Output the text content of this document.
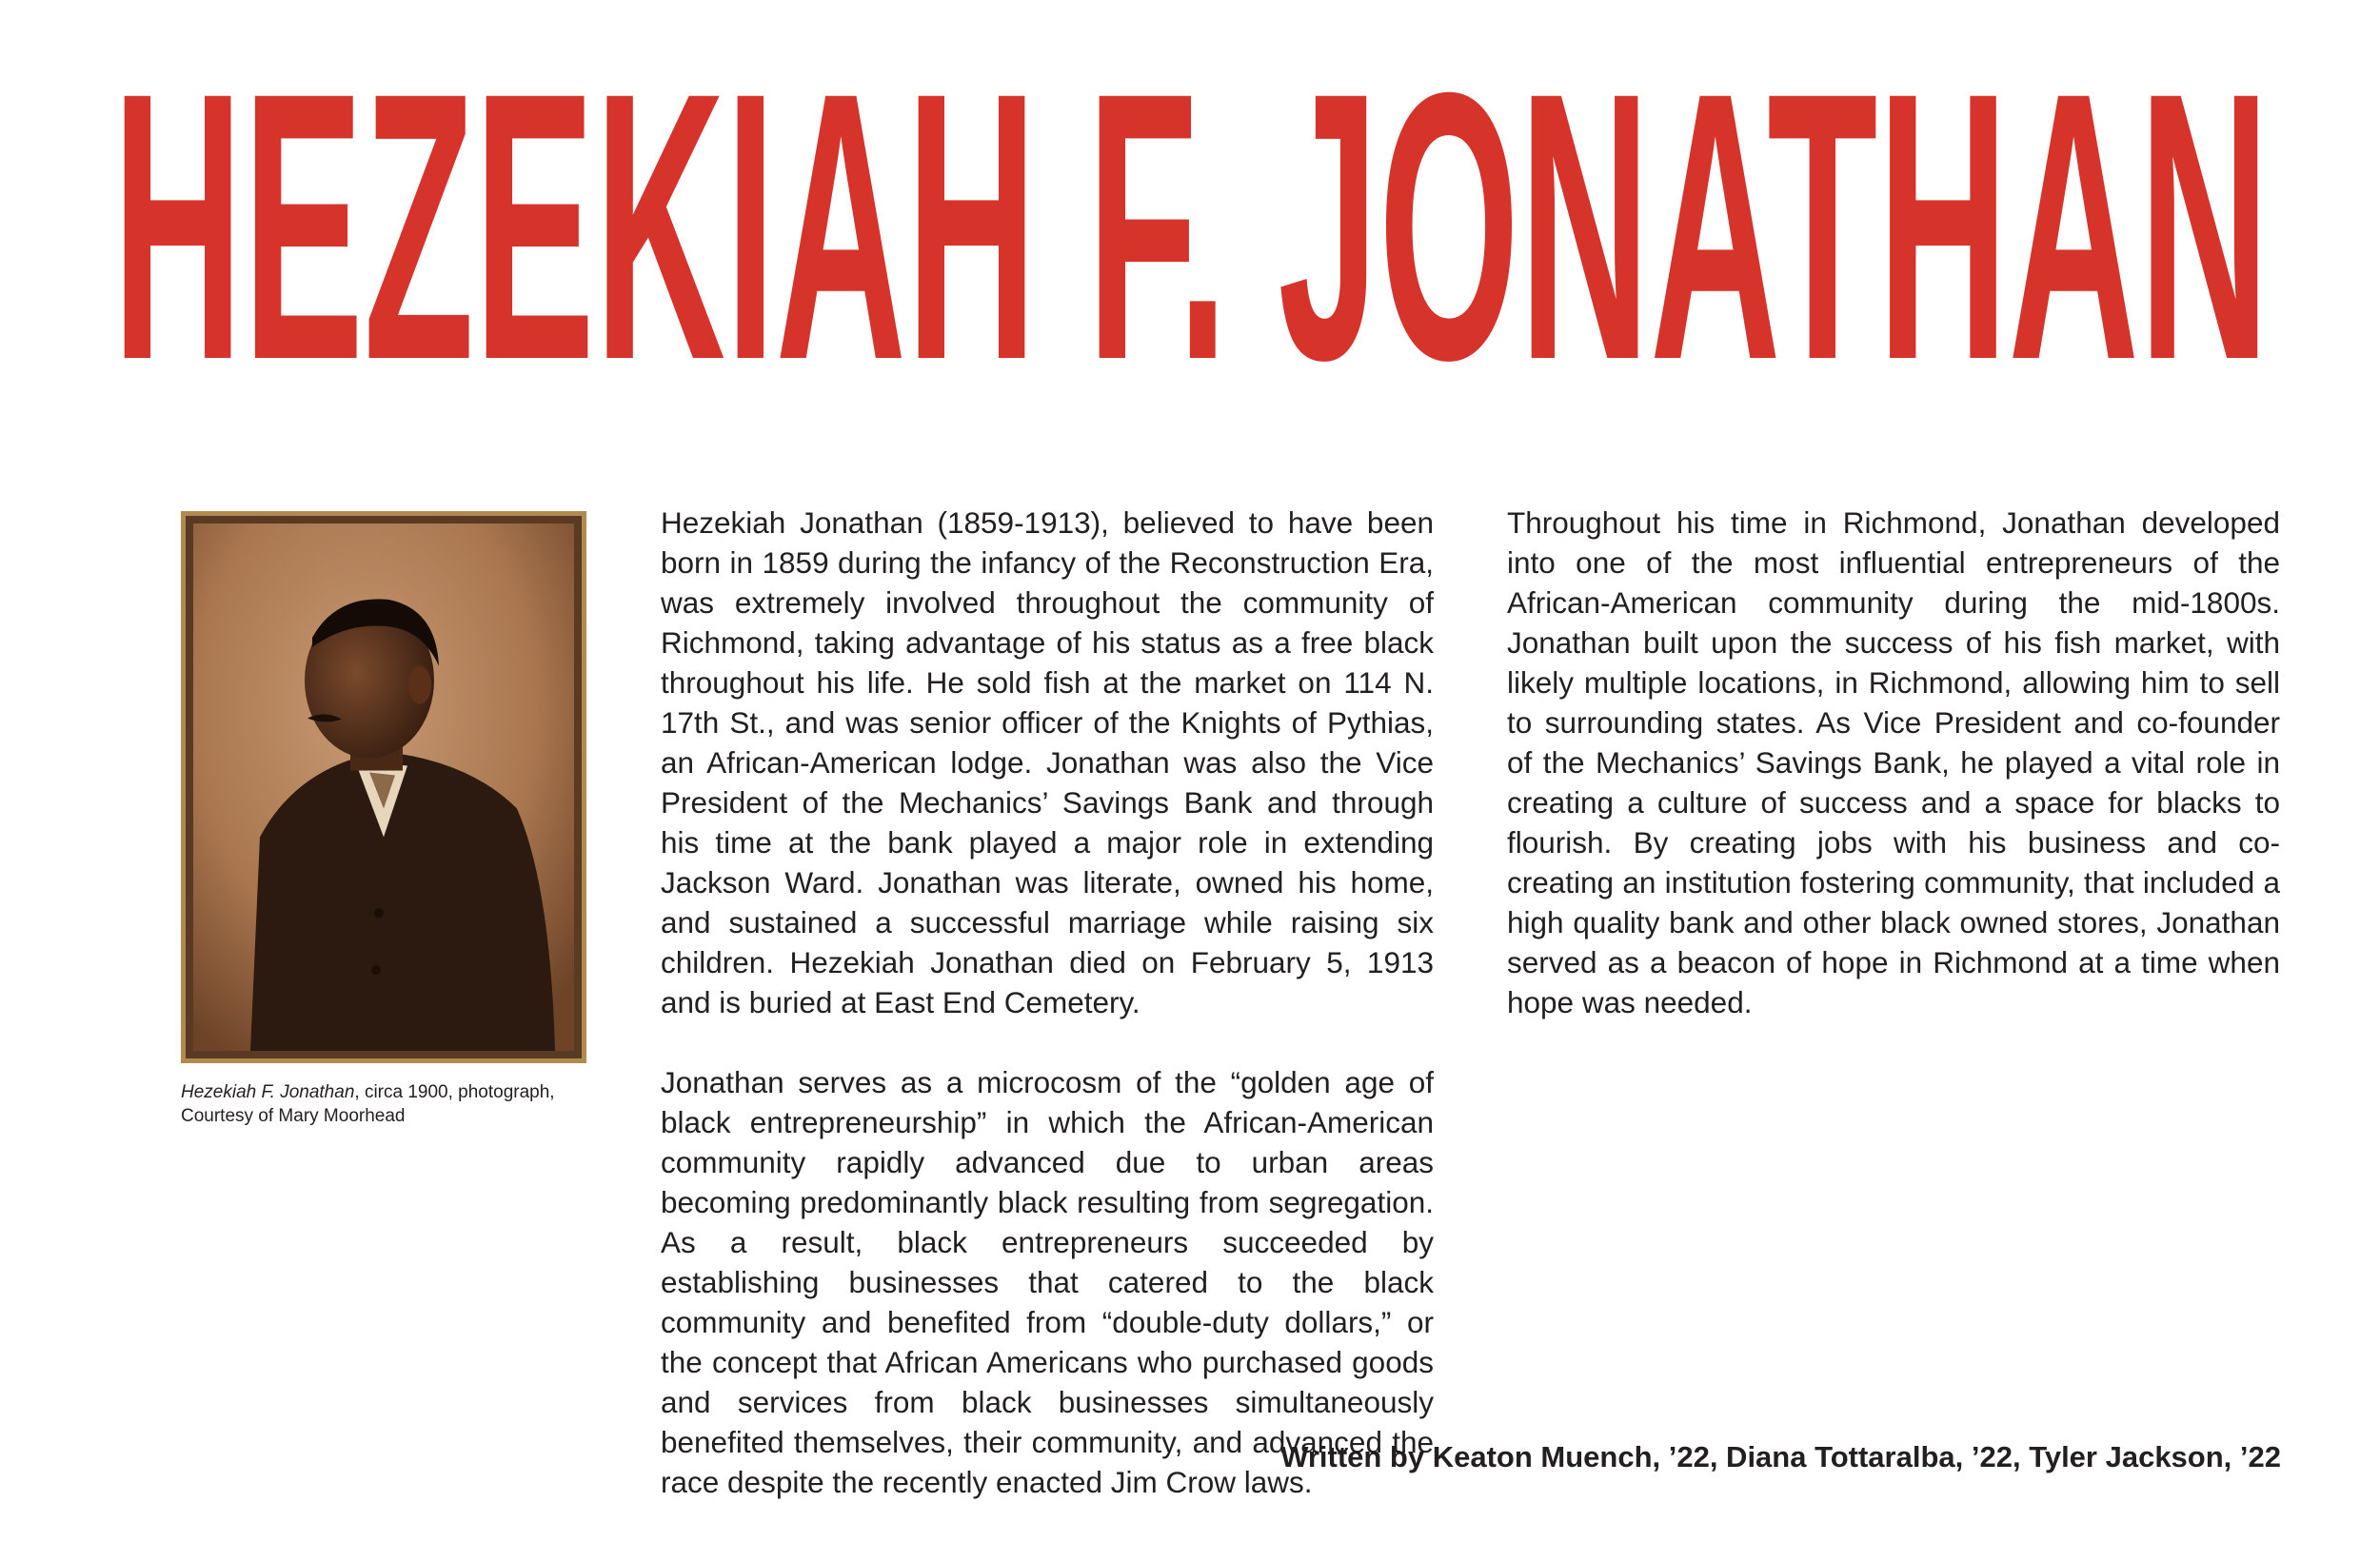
HEZEKIAH F. JONATHAN
Hezekiah F. Jonathan, circa 1900, photograph,
Courtesy of Mary Moorhead

Hezekiah Jonathan (1859-1913), believed to have been born in 1859 during the infancy of the Reconstruction Era, was extremely involved throughout the community of Richmond, taking advantage of his status as a free black throughout his life. He sold fish at the market on 114 N. 17th St., and was senior officer of the Knights of Pythias, an African-American lodge. Jonathan was also the Vice President of the Mechanics’ Savings Bank and through his time at the bank played a major role in extending Jackson Ward. Jonathan was literate, owned his home, and sustained a successful marriage while raising six children. Hezekiah Jonathan died on February 5, 1913 and is buried at East End Cemetery.

Jonathan serves as a microcosm of the “golden age of black entrepreneurship” in which the African-American community rapidly advanced due to urban areas becoming predominantly black resulting from segregation. As a result, black entrepreneurs succeeded by establishing businesses that catered to the black community and benefited from “double-duty dollars,” or the concept that African Americans who purchased goods and services from black businesses simultaneously benefited themselves, their community, and advanced the race despite the recently enacted Jim Crow laws.

Throughout his time in Richmond, Jonathan developed into one of the most influential entrepreneurs of the African-American community during the mid-1800s. Jonathan built upon the success of his fish market, with likely multiple locations, in Richmond, allowing him to sell to surrounding states. As Vice President and co-founder of the Mechanics’ Savings Bank, he played a vital role in creating a culture of success and a space for blacks to flourish. By creating jobs with his business and co-creating an institution fostering community, that included a high quality bank and other black owned stores, Jonathan served as a beacon of hope in Richmond at a time when hope was needed.

Written by Keaton Muench, ’22, Diana Tottaralba, ’22, Tyler Jackson, ’22
